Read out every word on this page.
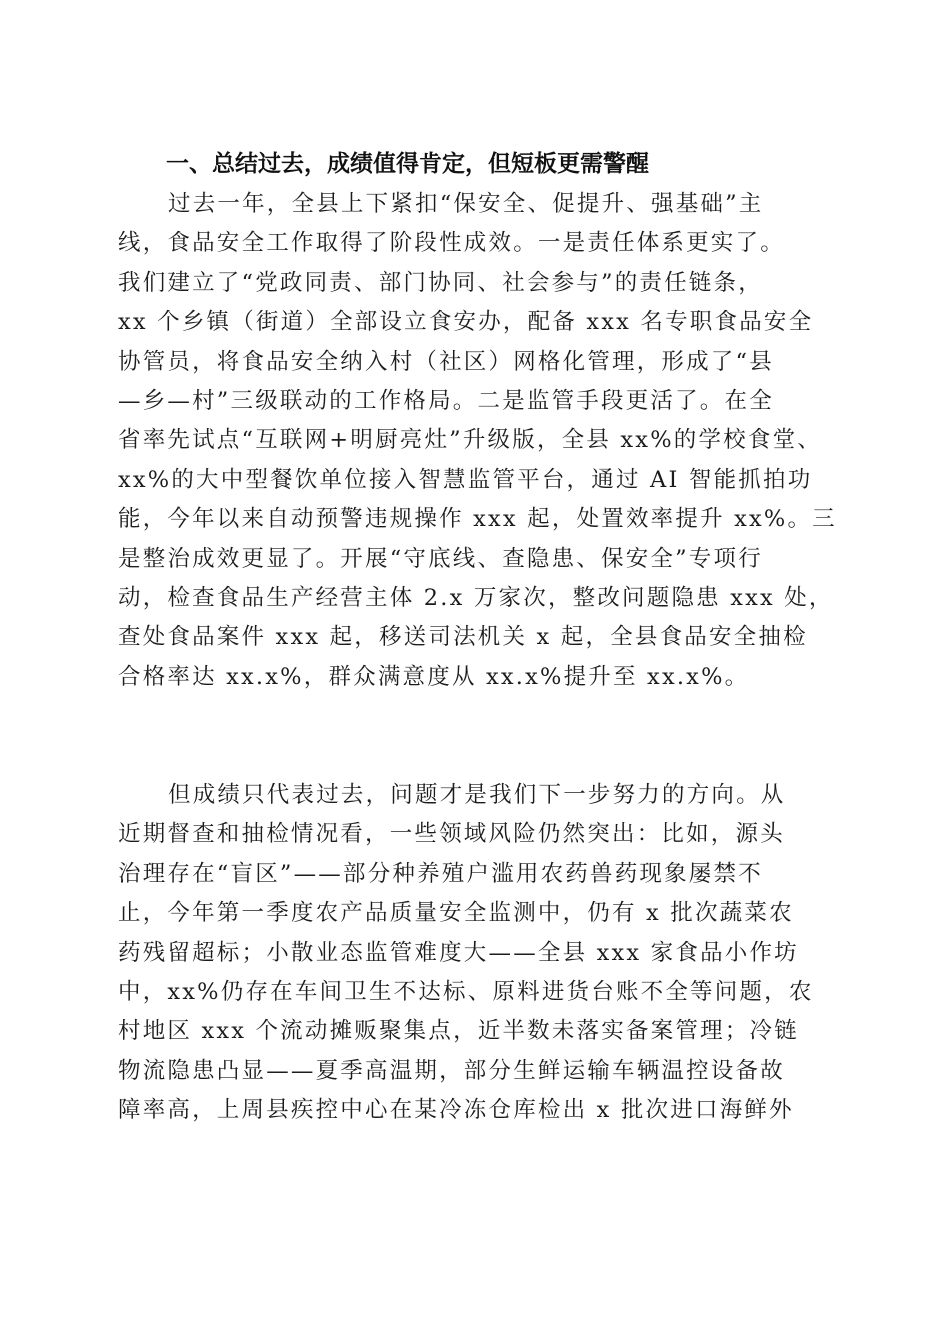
一、总结过去，成绩值得肯定，但短板更需警醒
过去一年，全县上下紧扣“保安全、促提升、强基础”主
线，食品安全工作取得了阶段性成效。一是责任体系更实了。
我们建立了“党政同责、部门协同、社会参与”的责任链条，
xx 个乡镇（街道）全部设立食安办，配备 xxx 名专职食品安全
协管员，将食品安全纳入村（社区）网格化管理，形成了“县
—乡—村”三级联动的工作格局。二是监管手段更活了。在全
省率先试点“互联网+明厨亮灶”升级版，全县 xx%的学校食堂、
xx%的大中型餐饮单位接入智慧监管平台，通过 AI 智能抓拍功
能，今年以来自动预警违规操作 xxx 起，处置效率提升 xx%。三
是整治成效更显了。开展“守底线、查隐患、保安全”专项行
动，检查食品生产经营主体 2.x 万家次，整改问题隐患 xxx 处，
查处食品案件 xxx 起，移送司法机关 x 起，全县食品安全抽检
合格率达 xx.x%，群众满意度从 xx.x%提升至 xx.x%。
但成绩只代表过去，问题才是我们下一步努力的方向。从
近期督查和抽检情况看，一些领域风险仍然突出：比如，源头
治理存在“盲区”——部分种养殖户滥用农药兽药现象屡禁不
止，今年第一季度农产品质量安全监测中，仍有 x 批次蔬菜农
药残留超标；小散业态监管难度大——全县 xxx 家食品小作坊
中，xx%仍存在车间卫生不达标、原料进货台账不全等问题，农
村地区 xxx 个流动摊贩聚集点，近半数未落实备案管理；冷链
物流隐患凸显——夏季高温期，部分生鲜运输车辆温控设备故
障率高，上周县疾控中心在某冷冻仓库检出 x 批次进口海鲜外
